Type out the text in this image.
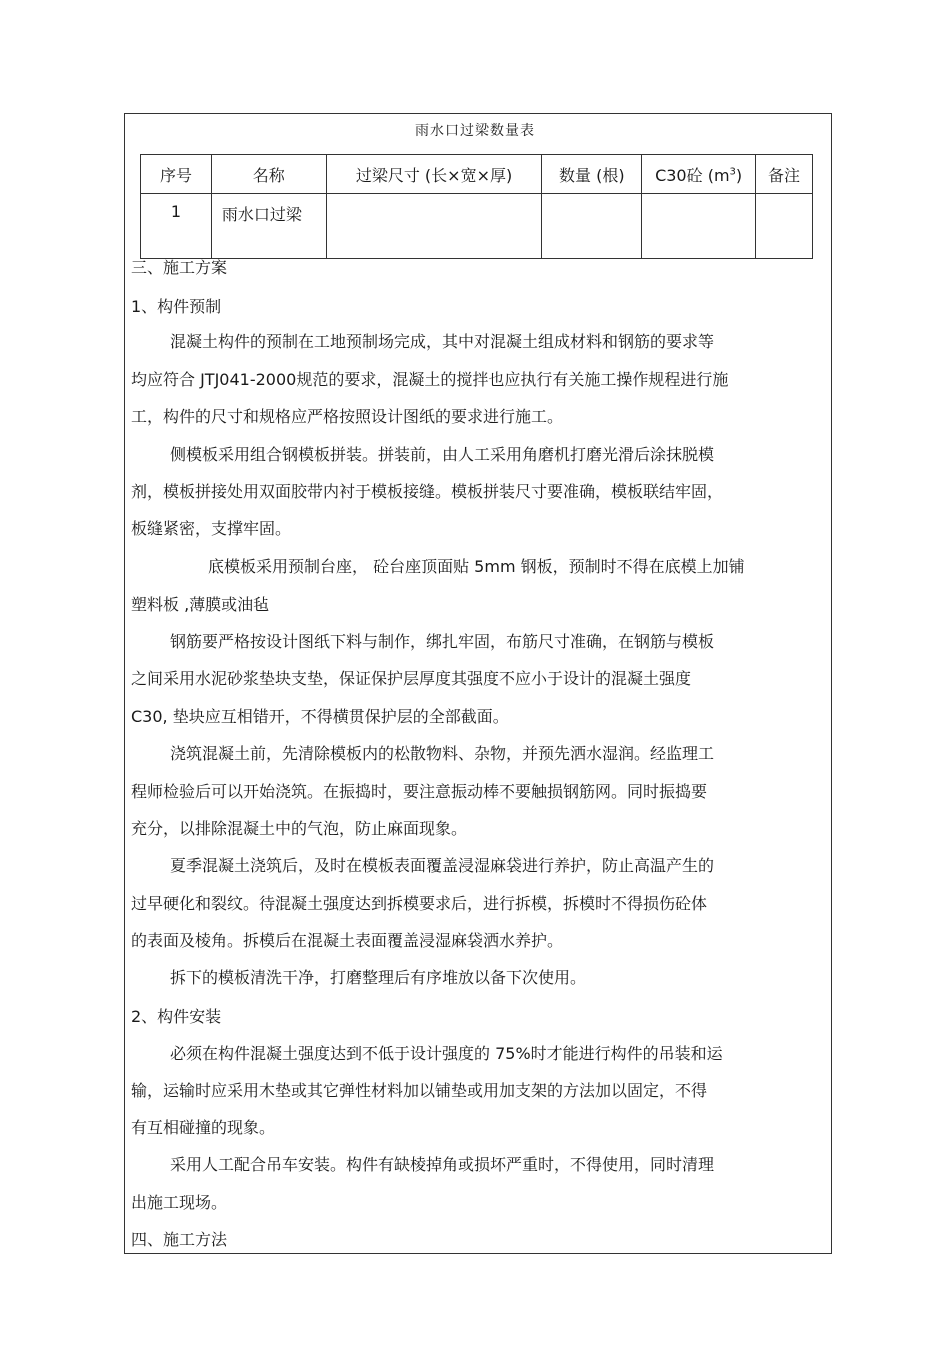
雨水口过梁数量表
序号	名称	过梁尺寸 (长×宽×厚)	数量 (根)	C30砼 $(m^3)$	备注
1	雨水口过梁				
三、施工方案
1、构件预制
混凝土构件的预制在工地预制场完成，其中对混凝土组成材料和钢筋的要求等
均应符合 JTJ041-2000规范的要求，混凝土的搅拌也应执行有关施工操作规程进行施
工，构件的尺寸和规格应严格按照设计图纸的要求进行施工。
侧模板采用组合钢模板拼装。拼装前，由人工采用角磨机打磨光滑后涂抹脱模
剂，模板拼接处用双面胶带内衬于模板接缝。模板拼装尺寸要准确，模板联结牢固，
板缝紧密，支撑牢固。
底模板采用预制台座， 砼台座顶面贴 5mm 钢板，预制时不得在底模上加铺
塑料板 ,薄膜或油毡
钢筋要严格按设计图纸下料与制作，绑扎牢固，布筋尺寸准确，在钢筋与模板
之间采用水泥砂浆垫块支垫，保证保护层厚度其强度不应小于设计的混凝土强度
C30, 垫块应互相错开，不得横贯保护层的全部截面。
浇筑混凝土前，先清除模板内的松散物料、杂物，并预先洒水湿润。经监理工
程师检验后可以开始浇筑。在振捣时，要注意振动棒不要触损钢筋网。同时振捣要
充分，以排除混凝土中的气泡，防止麻面现象。
夏季混凝土浇筑后，及时在模板表面覆盖浸湿麻袋进行养护，防止高温产生的
过早硬化和裂纹。待混凝土强度达到拆模要求后，进行拆模，拆模时不得损伤砼体
的表面及棱角。拆模后在混凝土表面覆盖浸湿麻袋洒水养护。
拆下的模板清洗干净，打磨整理后有序堆放以备下次使用。
2、构件安装
必须在构件混凝土强度达到不低于设计强度的 75%时才能进行构件的吊装和运
输，运输时应采用木垫或其它弹性材料加以铺垫或用加支架的方法加以固定，不得
有互相碰撞的现象。
采用人工配合吊车安装。构件有缺棱掉角或损坏严重时，不得使用，同时清理
出施工现场。
四、施工方法
